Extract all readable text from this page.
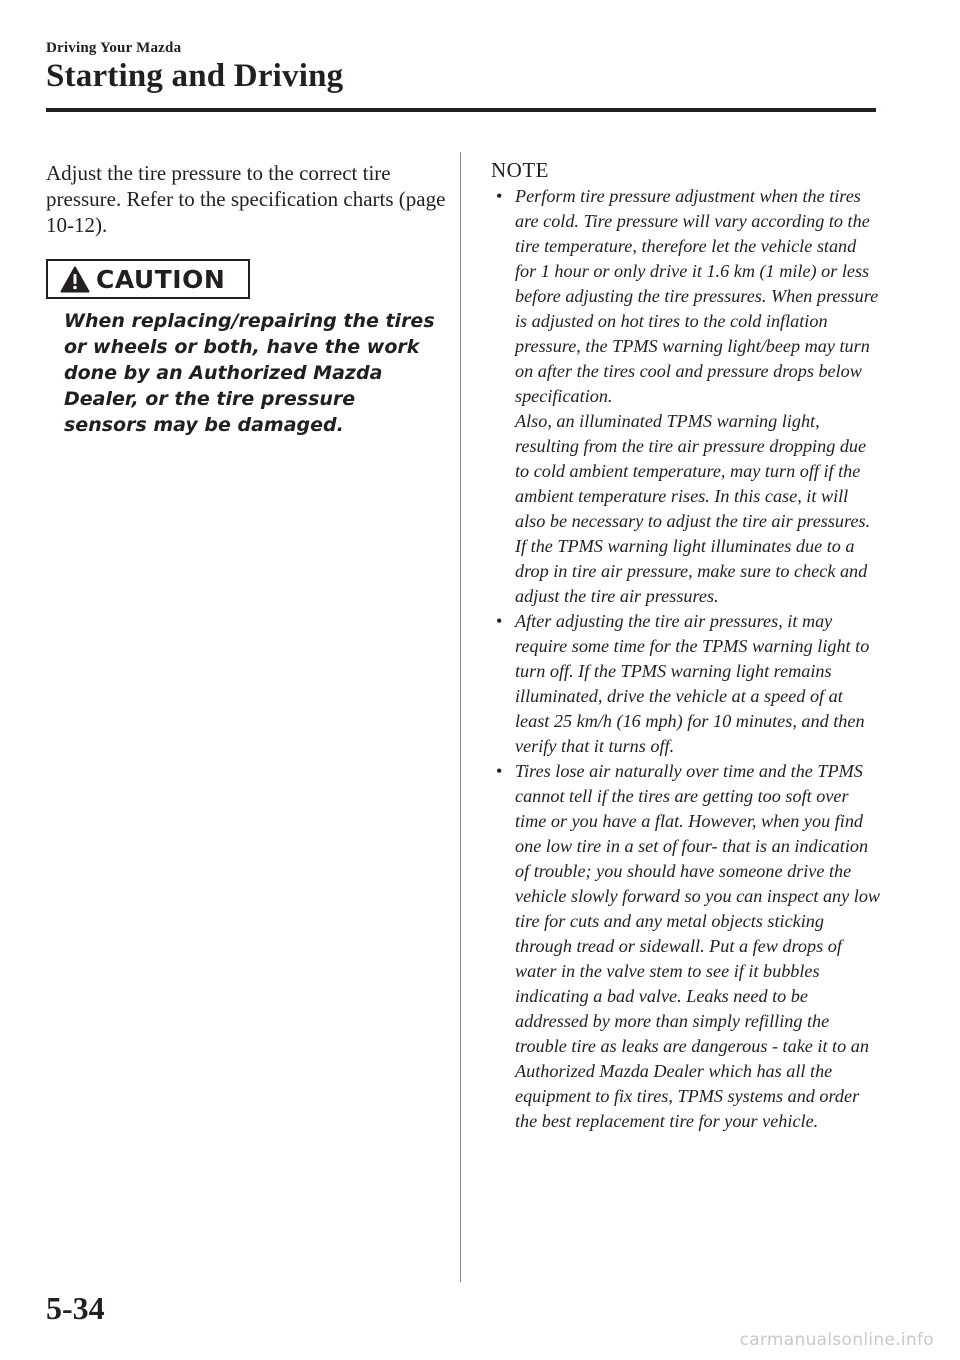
Driving Your Mazda
Starting and Driving

Adjust the tire pressure to the correct tire pressure. Refer to the specification charts (page 10-12).

CAUTION

When replacing/repairing the tires or wheels or both, have the work done by an Authorized Mazda Dealer, or the tire pressure sensors may be damaged.

NOTE
• Perform tire pressure adjustment when the tires are cold. Tire pressure will vary according to the tire temperature, therefore let the vehicle stand for 1 hour or only drive it 1.6 km (1 mile) or less before adjusting the tire pressures. When pressure is adjusted on hot tires to the cold inflation pressure, the TPMS warning light/beep may turn on after the tires cool and pressure drops below specification.

Also, an illuminated TPMS warning light, resulting from the tire air pressure dropping due to cold ambient temperature, may turn off if the ambient temperature rises. In this case, it will also be necessary to adjust the tire air pressures. If the TPMS warning light illuminates due to a drop in tire air pressure, make sure to check and adjust the tire air pressures.

• After adjusting the tire air pressures, it may require some time for the TPMS warning light to turn off. If the TPMS warning light remains illuminated, drive the vehicle at a speed of at least 25 km/h (16 mph) for 10 minutes, and then verify that it turns off.

• Tires lose air naturally over time and the TPMS cannot tell if the tires are getting too soft over time or you have a flat. However, when you find one low tire in a set of four- that is an indication of trouble; you should have someone drive the vehicle slowly forward so you can inspect any low tire for cuts and any metal objects sticking through tread or sidewall. Put a few drops of water in the valve stem to see if it bubbles indicating a bad valve. Leaks need to be addressed by more than simply refilling the trouble tire as leaks are dangerous - take it to an Authorized Mazda Dealer which has all the equipment to fix tires, TPMS systems and order the best replacement tire for your vehicle.

5-34
carmanualsonline.info
